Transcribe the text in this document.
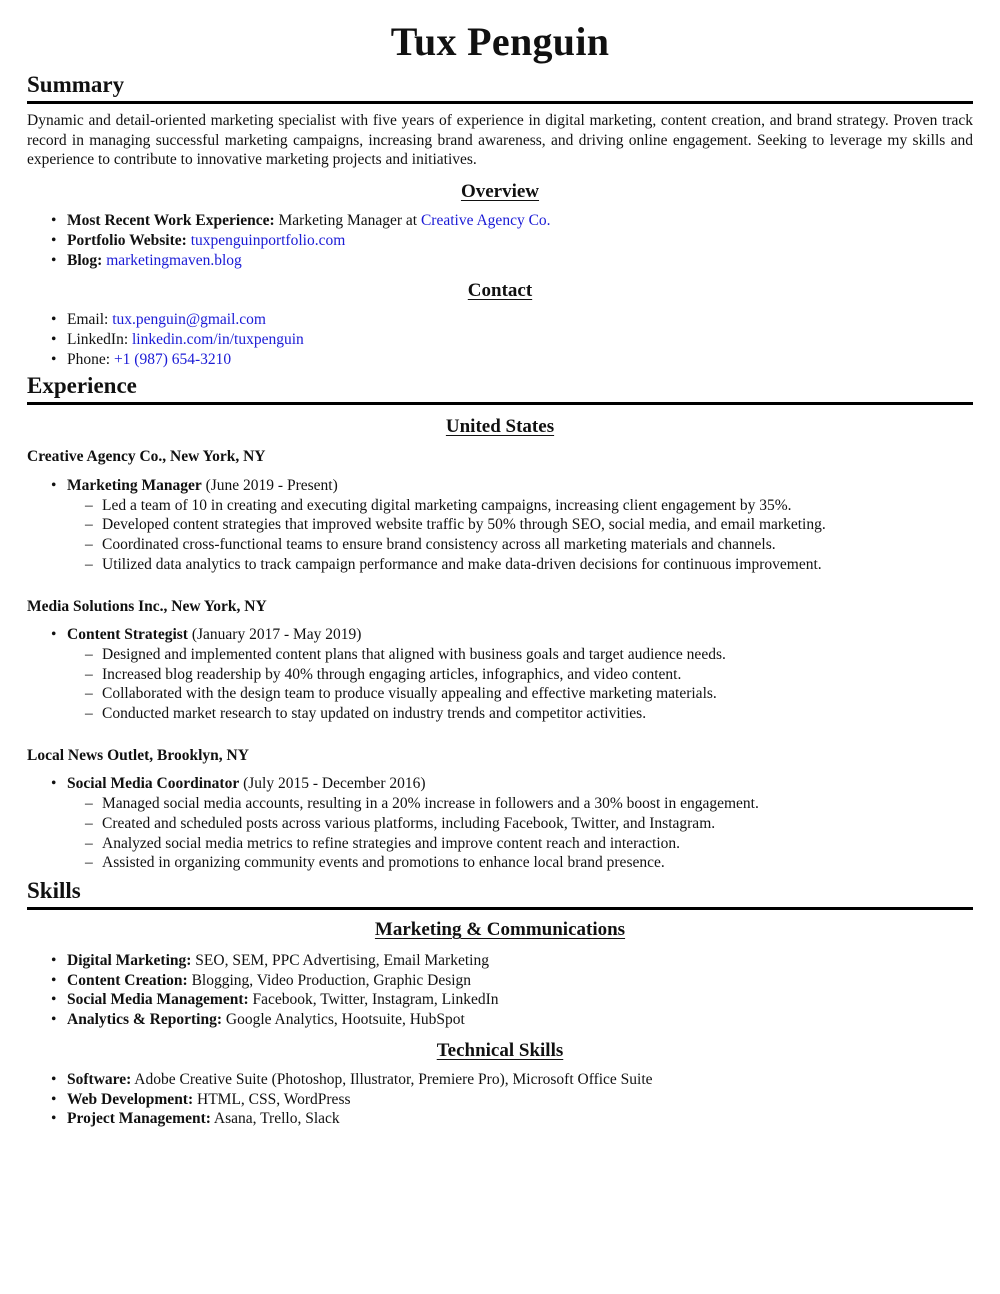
Tux Penguin
Summary

Dynamic and detail-oriented marketing specialist with five years of experience in digital marketing, content creation, and brand strategy. Proven track record in managing successful marketing campaigns, increasing brand awareness, and driving online engagement. Seeking to leverage my skills and experience to contribute to innovative marketing projects and initiatives.

Overview
• Most Recent Work Experience: Marketing Manager at Creative Agency Co.
• Portfolio Website: tuxpenguinportfolio.com
• Blog: marketingmaven.blog
Contact
• Email: tux.penguin@gmail.com
• LinkedIn: linkedin.com/in/tuxpenguin
• Phone: +1 (987) 654-3210
Experience
United States
Creative Agency Co., New York, NY
• Marketing Manager (June 2019 - Present)
– Led a team of 10 in creating and executing digital marketing campaigns, increasing client engagement by 35%.
– Developed content strategies that improved website traffic by 50% through SEO, social media, and email marketing.
– Coordinated cross-functional teams to ensure brand consistency across all marketing materials and channels.
– Utilized data analytics to track campaign performance and make data-driven decisions for continuous improvement.
Media Solutions Inc., New York, NY
• Content Strategist (January 2017 - May 2019)
– Designed and implemented content plans that aligned with business goals and target audience needs.
– Increased blog readership by 40% through engaging articles, infographics, and video content.
– Collaborated with the design team to produce visually appealing and effective marketing materials.
– Conducted market research to stay updated on industry trends and competitor activities.
Local News Outlet, Brooklyn, NY
• Social Media Coordinator (July 2015 - December 2016)
– Managed social media accounts, resulting in a 20% increase in followers and a 30% boost in engagement.
– Created and scheduled posts across various platforms, including Facebook, Twitter, and Instagram.
– Analyzed social media metrics to refine strategies and improve content reach and interaction.
– Assisted in organizing community events and promotions to enhance local brand presence.
Skills
Marketing & Communications
• Digital Marketing: SEO, SEM, PPC Advertising, Email Marketing
• Content Creation: Blogging, Video Production, Graphic Design
• Social Media Management: Facebook, Twitter, Instagram, LinkedIn
• Analytics & Reporting: Google Analytics, Hootsuite, HubSpot
Technical Skills
• Software: Adobe Creative Suite (Photoshop, Illustrator, Premiere Pro), Microsoft Office Suite
• Web Development: HTML, CSS, WordPress
• Project Management: Asana, Trello, Slack
